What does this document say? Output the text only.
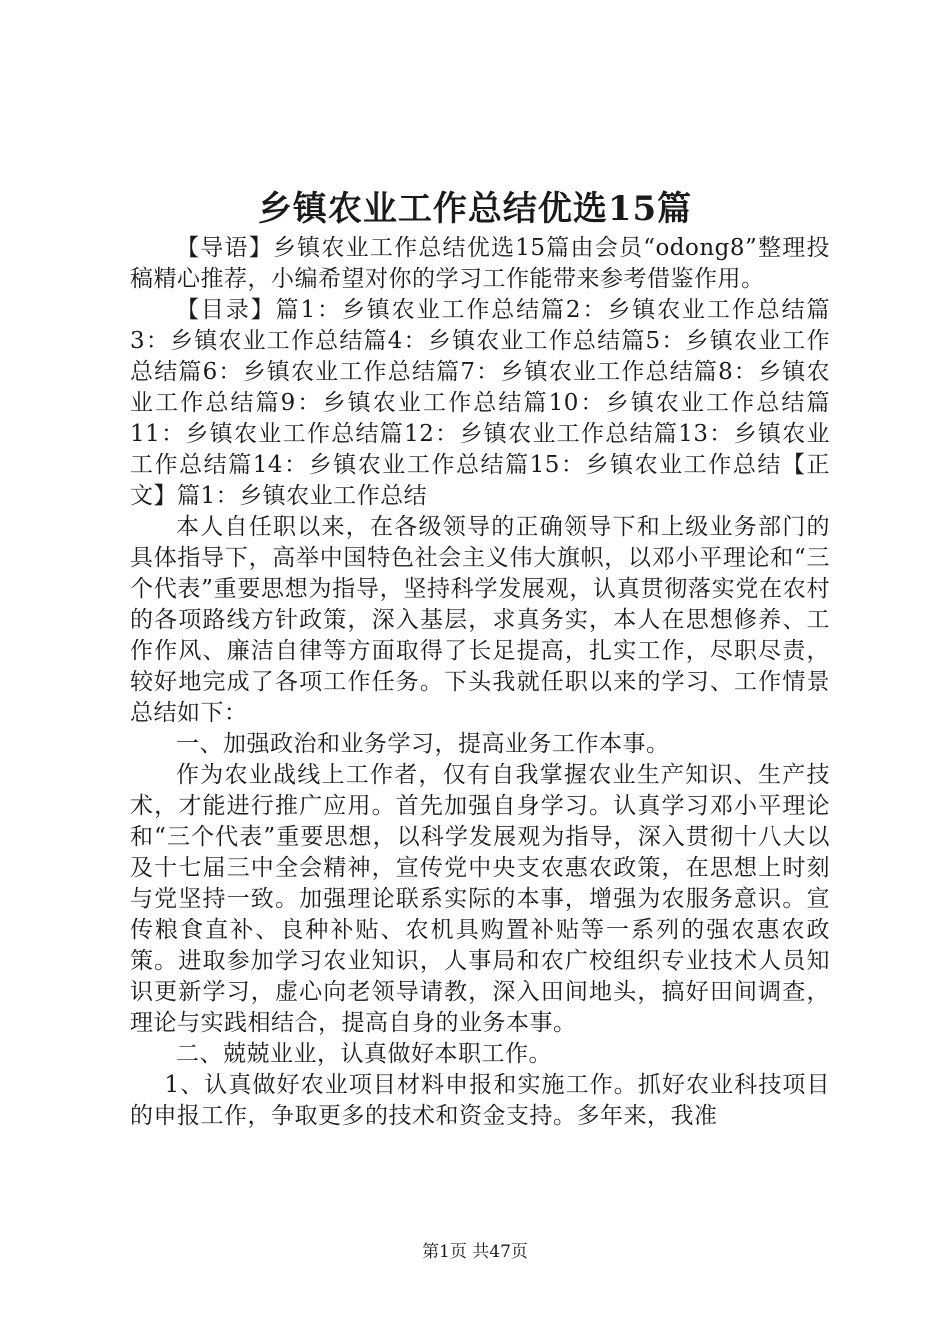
乡镇农业工作总结优选15篇

【导语】乡镇农业工作总结优选15篇由会员“odong8”整理投稿精心推荐，小编希望对你的学习工作能带来参考借鉴作用。

【目录】篇1：乡镇农业工作总结篇2：乡镇农业工作总结篇3：乡镇农业工作总结篇4：乡镇农业工作总结篇5：乡镇农业工作总结篇6：乡镇农业工作总结篇7：乡镇农业工作总结篇8：乡镇农业工作总结篇9：乡镇农业工作总结篇10：乡镇农业工作总结篇11：乡镇农业工作总结篇12：乡镇农业工作总结篇13：乡镇农业工作总结篇14：乡镇农业工作总结篇15：乡镇农业工作总结【正文】篇1：乡镇农业工作总结

本人自任职以来，在各级领导的正确领导下和上级业务部门的具体指导下，高举中国特色社会主义伟大旗帜，以邓小平理论和“三个代表”重要思想为指导，坚持科学发展观，认真贯彻落实党在农村的各项路线方针政策，深入基层，求真务实，本人在思想修养、工作作风、廉洁自律等方面取得了长足提高，扎实工作，尽职尽责，较好地完成了各项工作任务。下头我就任职以来的学习、工作情景总结如下：

一、加强政治和业务学习，提高业务工作本事。

作为农业战线上工作者，仅有自我掌握农业生产知识、生产技术，才能进行推广应用。首先加强自身学习。认真学习邓小平理论和“三个代表”重要思想，以科学发展观为指导，深入贯彻十八大以及十七届三中全会精神，宣传党中央支农惠农政策，在思想上时刻与党坚持一致。加强理论联系实际的本事，增强为农服务意识。宣传粮食直补、良种补贴、农机具购置补贴等一系列的强农惠农政策。进取参加学习农业知识，人事局和农广校组织专业技术人员知识更新学习，虚心向老领导请教，深入田间地头，搞好田间调查，理论与实践相结合，提高自身的业务本事。

二、兢兢业业，认真做好本职工作。

1、认真做好农业项目材料申报和实施工作。抓好农业科技项目的申报工作，争取更多的技术和资金支持。多年来，我准

第1页 共47页
